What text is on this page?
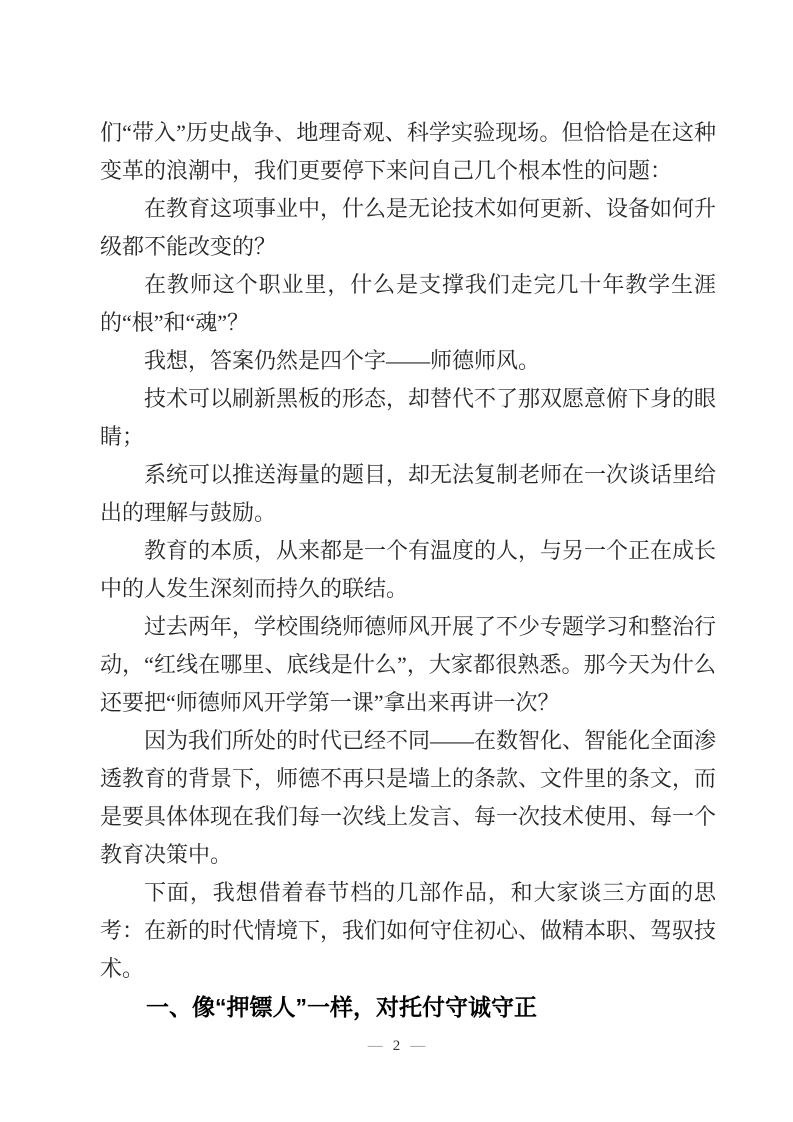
们“带入”历史战争、地理奇观、科学实验现场。但恰恰是在这种变革的浪潮中，我们更要停下来问自己几个根本性的问题：

在教育这项事业中，什么是无论技术如何更新、设备如何升级都不能改变的？

在教师这个职业里，什么是支撑我们走完几十年教学生涯的“根”和“魂”？

我想，答案仍然是四个字——师德师风。

技术可以刷新黑板的形态，却替代不了那双愿意俯下身的眼睛；

系统可以推送海量的题目，却无法复制老师在一次谈话里给出的理解与鼓励。

教育的本质，从来都是一个有温度的人，与另一个正在成长中的人发生深刻而持久的联结。

过去两年，学校围绕师德师风开展了不少专题学习和整治行动，“红线在哪里、底线是什么”，大家都很熟悉。那今天为什么还要把“师德师风开学第一课”拿出来再讲一次？

因为我们所处的时代已经不同——在数智化、智能化全面渗透教育的背景下，师德不再只是墙上的条款、文件里的条文，而是要具体体现在我们每一次线上发言、每一次技术使用、每一个教育决策中。

下面，我想借着春节档的几部作品，和大家谈三方面的思考：在新的时代情境下，我们如何守住初心、做精本职、驾驭技术。

一、像“押镖人”一样，对托付守诚守正
— 2 —
